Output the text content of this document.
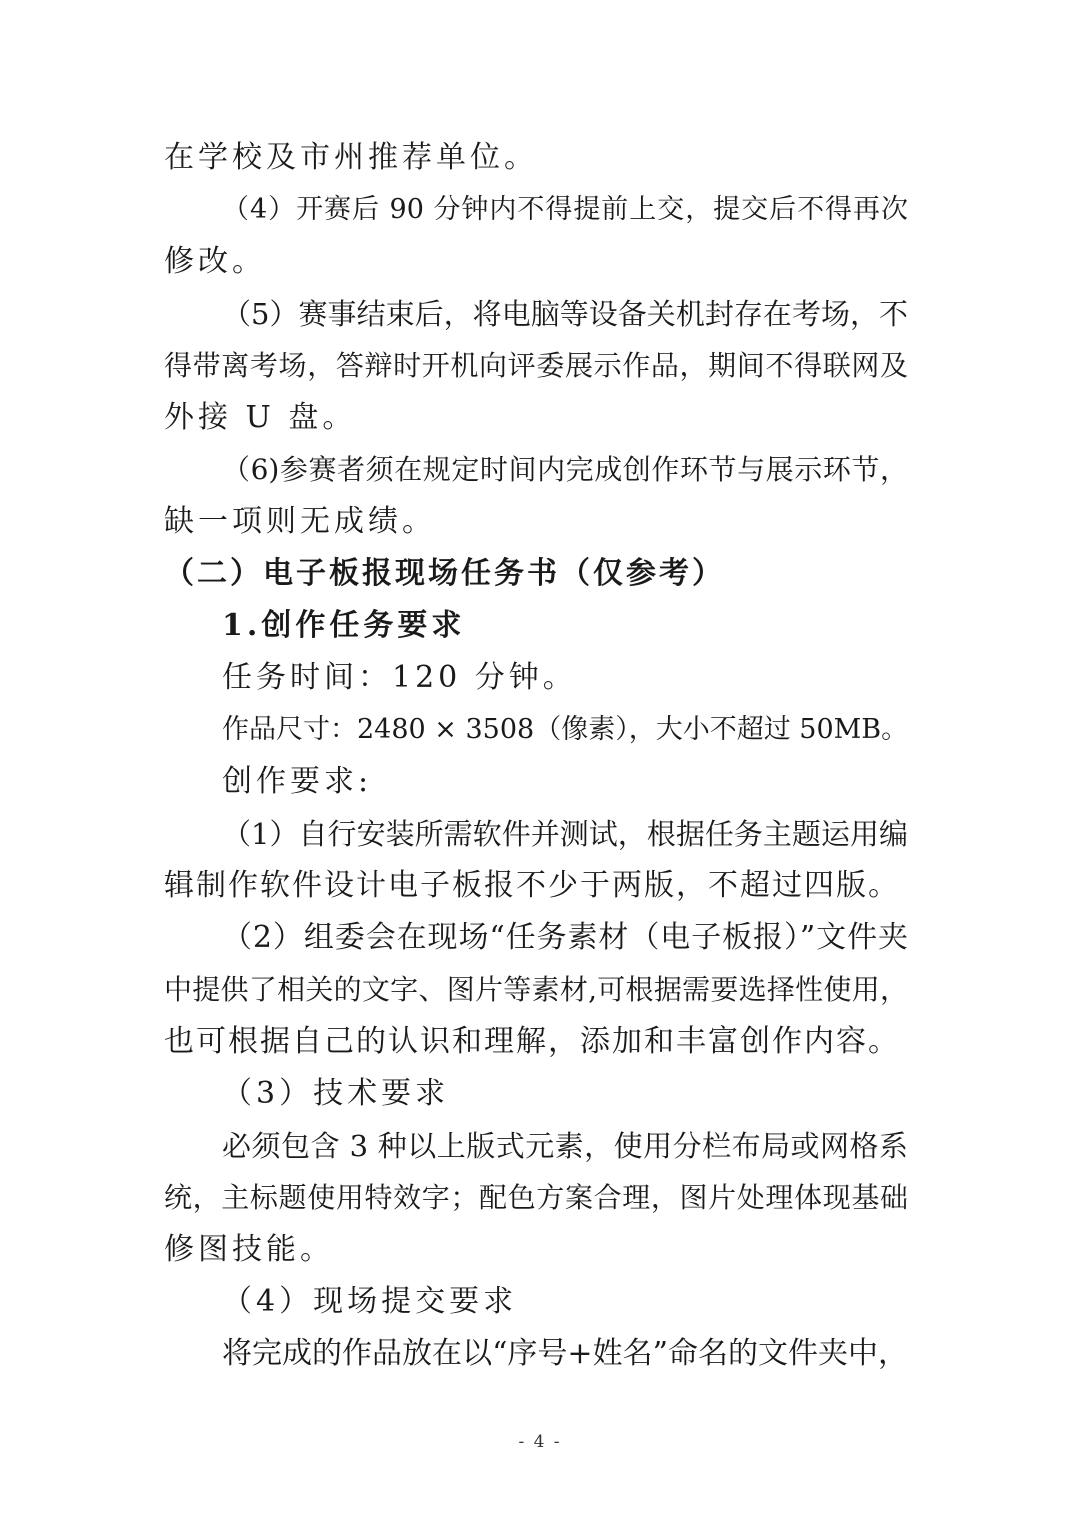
在学校及市州推荐单位。
（4）开赛后 90 分钟内不得提前上交，提交后不得再次
修改。
（5）赛事结束后，将电脑等设备关机封存在考场，不
得带离考场，答辩时开机向评委展示作品，期间不得联网及
外接 U 盘。
（6)参赛者须在规定时间内完成创作环节与展示环节，
缺一项则无成绩。
（二）电子板报现场任务书（仅参考）
1.创作任务要求
任务时间：120 分钟。
作品尺寸：2480 × 3508（像素），大小不超过 50MB。
创作要求:
（1）自行安装所需软件并测试，根据任务主题运用编
辑制作软件设计电子板报不少于两版，不超过四版。
（2）组委会在现场“任务素材（电子板报）”文件夹
中提供了相关的文字、图片等素材,可根据需要选择性使用，
也可根据自己的认识和理解，添加和丰富创作内容。
（3）技术要求
必须包含 3 种以上版式元素，使用分栏布局或网格系
统，主标题使用特效字；配色方案合理，图片处理体现基础
修图技能。
（4）现场提交要求
将完成的作品放在以“序号+姓名”命名的文件夹中，
- 4 -
